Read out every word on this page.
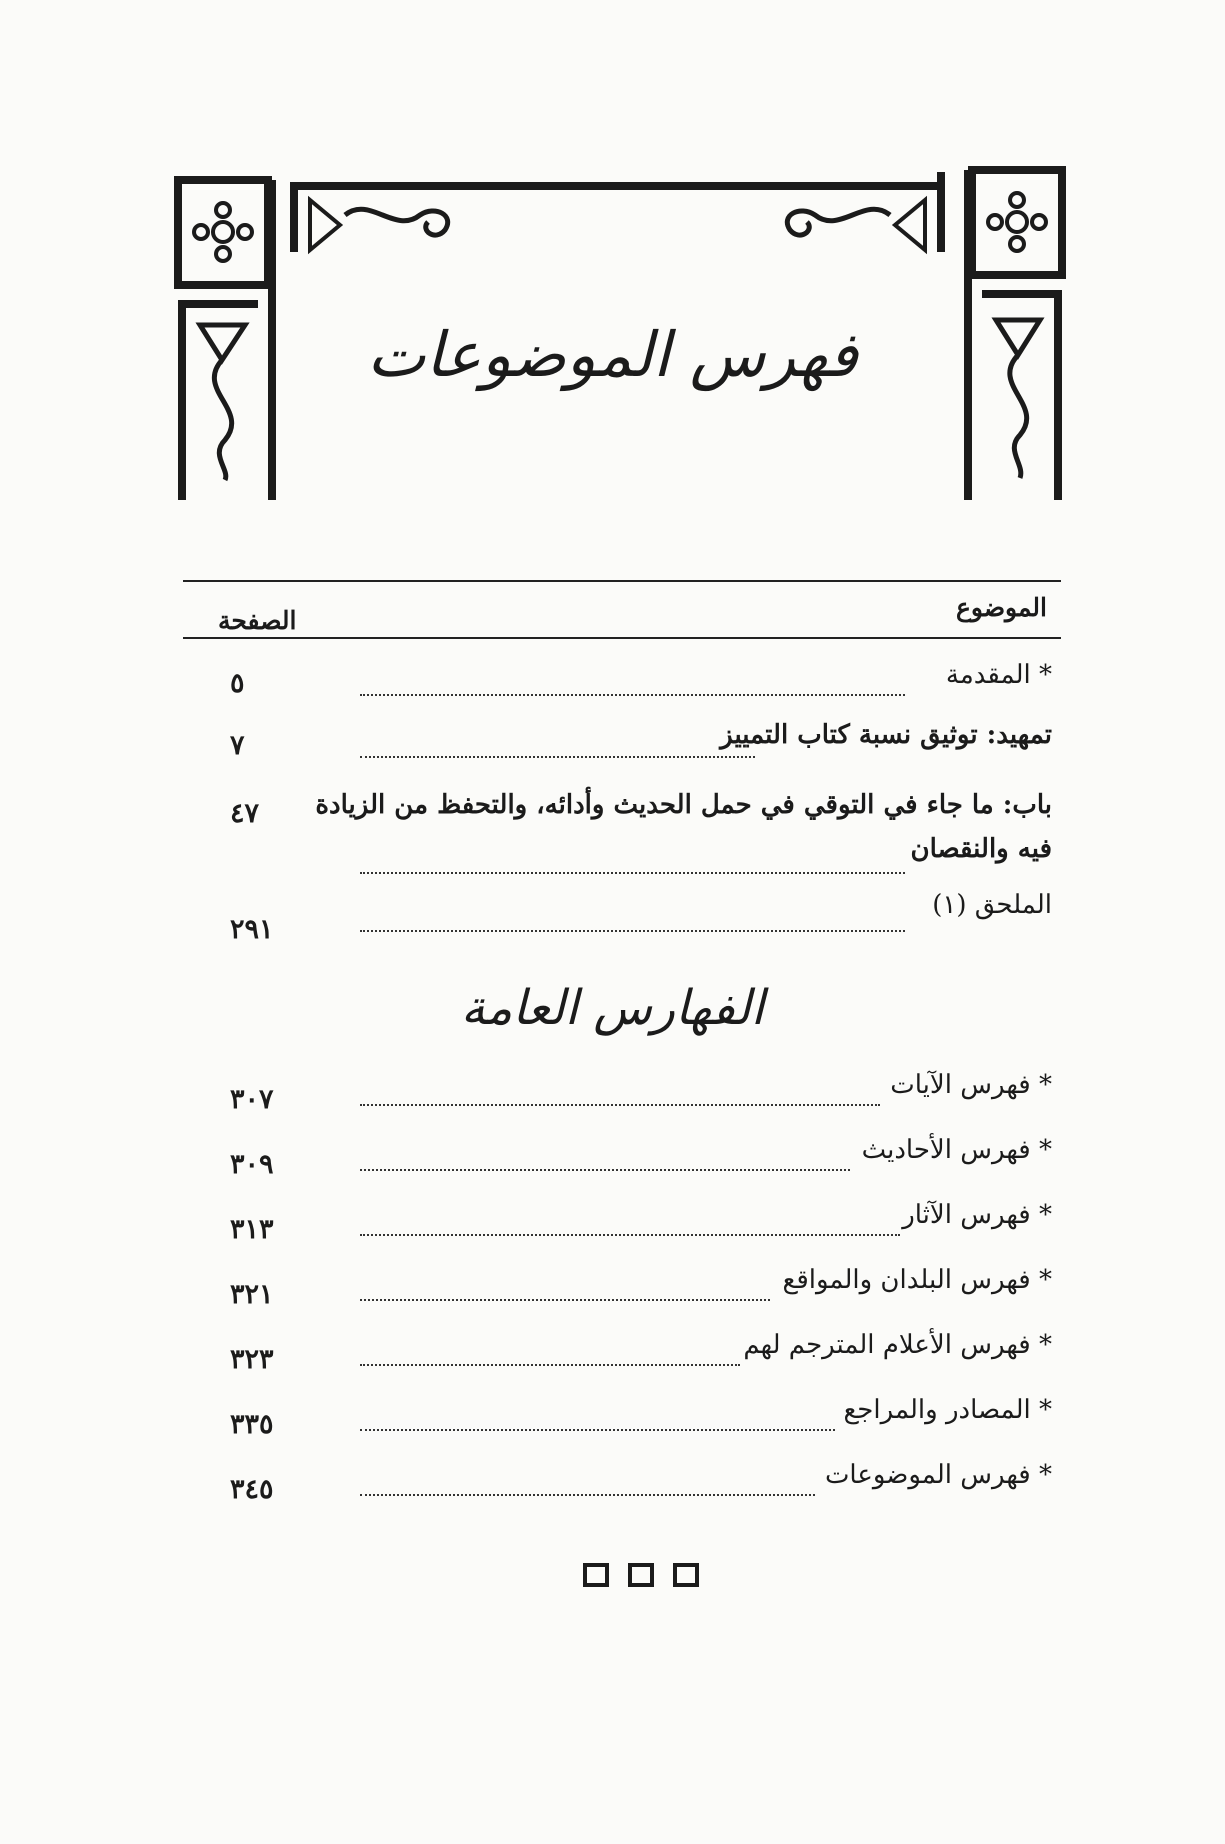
فهرس الموضوعات
الموضوع
الصفحة
* المقدمة
٥
تمهيد: توثيق نسبة كتاب التمييز
٧
باب: ما جاء في التوقي في حمل الحديث وأدائه، والتحفظ من الزيادة
فيه والنقصان
٤٧
الملحق (١)
٢٩١
الفهارس العامة
* فهرس الآيات
٣٠٧
* فهرس الأحاديث
٣٠٩
* فهرس الآثار
٣١٣
* فهرس البلدان والمواقع
٣٢١
* فهرس الأعلام المترجم لهم
٣٢٣
* المصادر والمراجع
٣٣٥
* فهرس الموضوعات
٣٤٥
